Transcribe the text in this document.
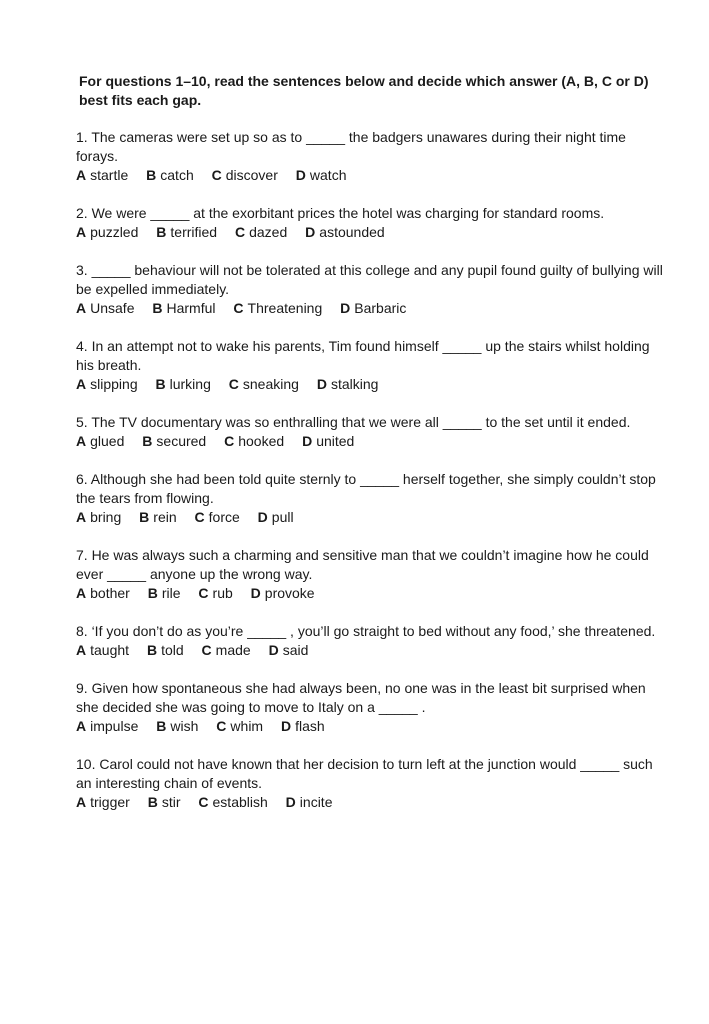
For questions 1–10, read the sentences below and decide which answer (A, B, C or D) best fits each gap.
1. The cameras were set up so as to _____ the badgers unawares during their night time forays.
A startle B catch C discover D watch
2. We were _____ at the exorbitant prices the hotel was charging for standard rooms.
A puzzled B terrified C dazed D astounded
3. _____ behaviour will not be tolerated at this college and any pupil found guilty of bullying will be expelled immediately.
A Unsafe B Harmful C Threatening D Barbaric
4. In an attempt not to wake his parents, Tim found himself _____ up the stairs whilst holding his breath.
A slipping B lurking C sneaking D stalking
5. The TV documentary was so enthralling that we were all _____ to the set until it ended.
A glued B secured C hooked D united
6. Although she had been told quite sternly to _____ herself together, she simply couldn’t stop the tears from flowing.
A bring B rein C force D pull
7. He was always such a charming and sensitive man that we couldn’t imagine how he could ever _____ anyone up the wrong way.
A bother B rile C rub D provoke
8. ‘If you don’t do as you’re _____ , you’ll go straight to bed without any food,’ she threatened.
A taught B told C made D said
9. Given how spontaneous she had always been, no one was in the least bit surprised when she decided she was going to move to Italy on a _____ .
A impulse B wish C whim D flash
10. Carol could not have known that her decision to turn left at the junction would _____ such an interesting chain of events.
A trigger B stir C establish D incite
